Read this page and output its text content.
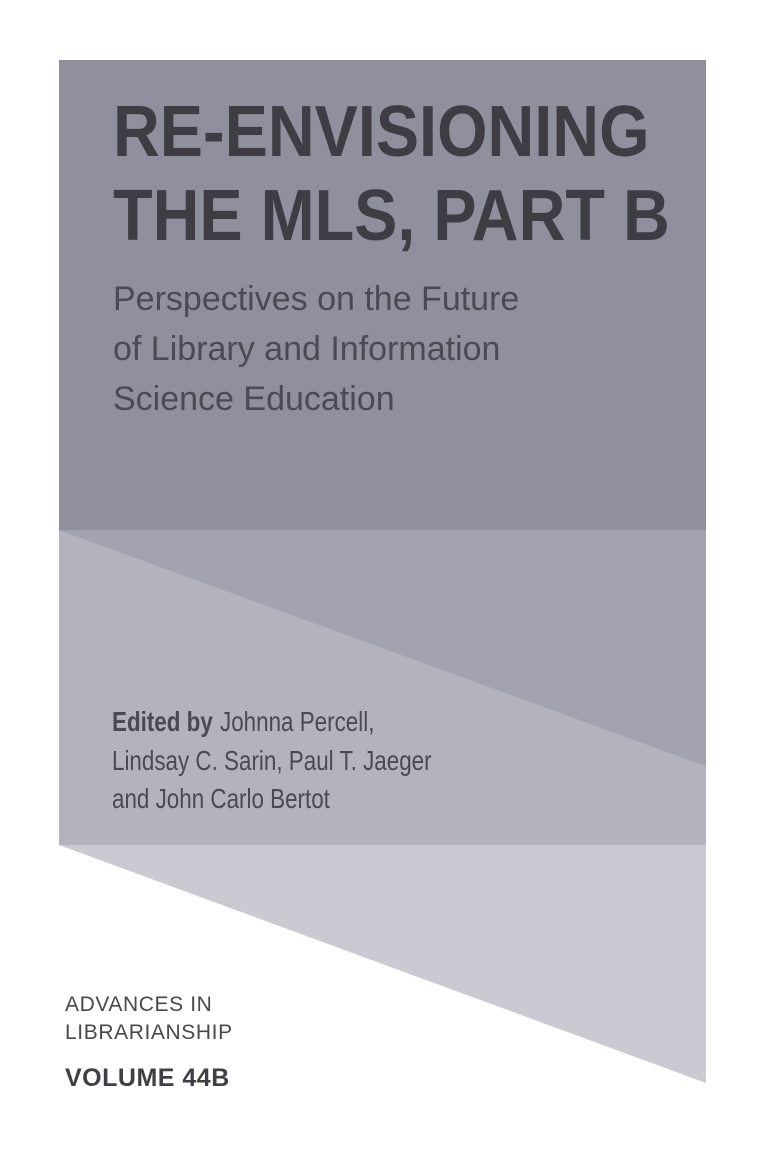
RE-ENVISIONING
THE MLS, PART B
Perspectives on the Future
of Library and Information
Science Education
Edited by Johnna Percell,
Lindsay C. Sarin, Paul T. Jaeger
and John Carlo Bertot
ADVANCES IN
LIBRARIANSHIP
VOLUME 44B
